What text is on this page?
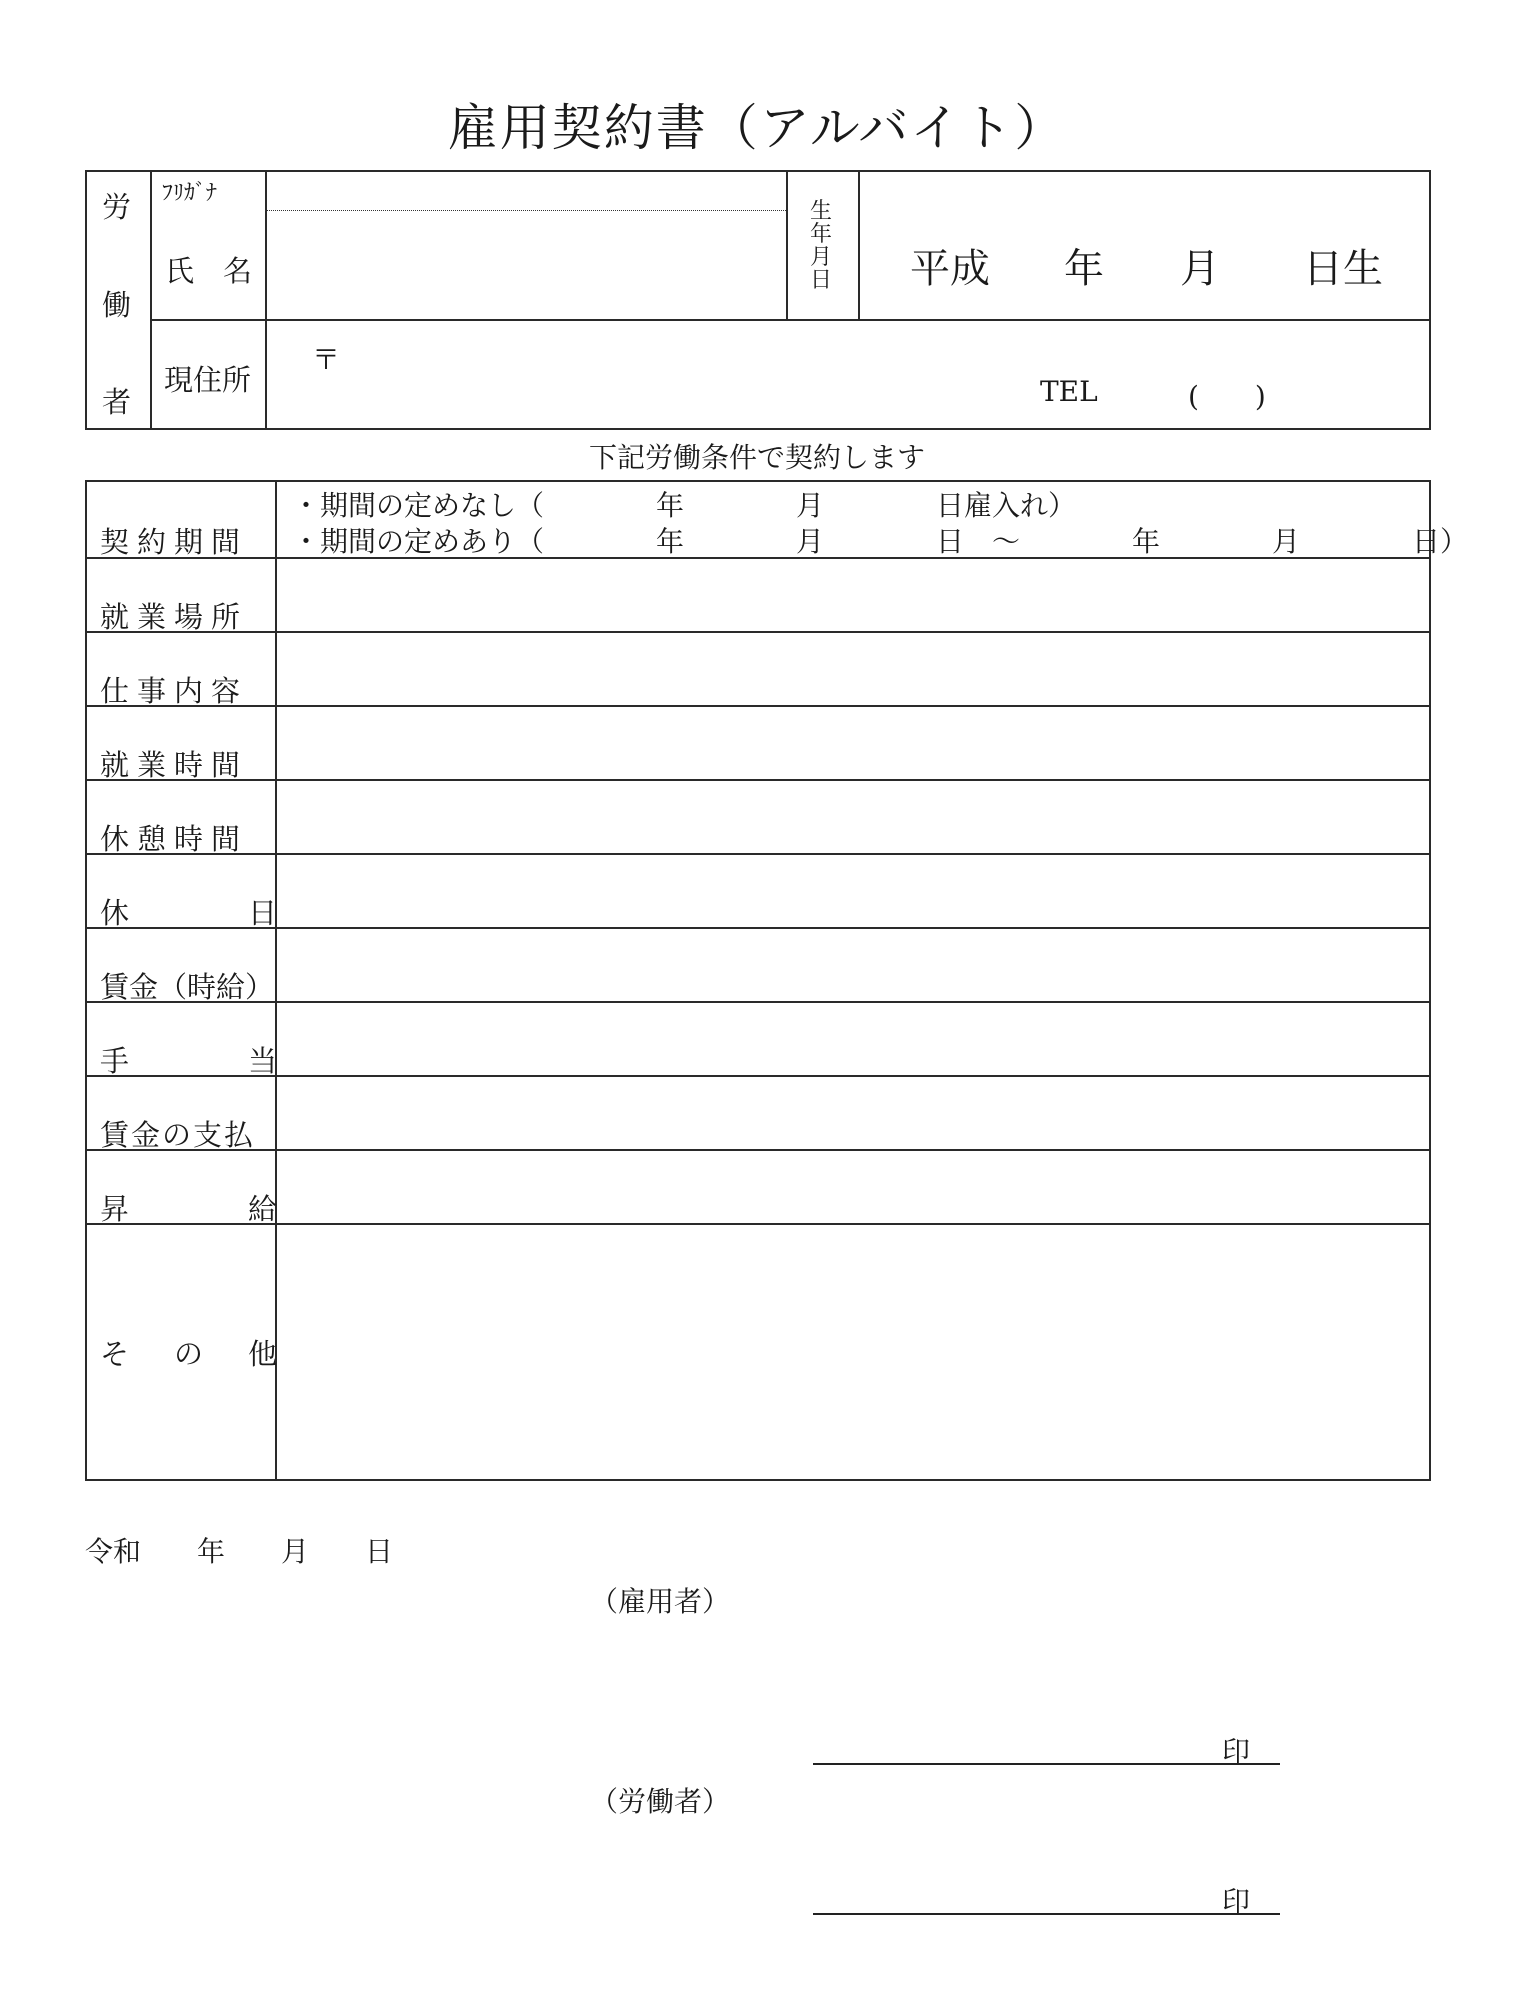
雇用契約書（アルバイト）
労
働
者
ﾌﾘｶﾞﾅ
氏　名
現住所
生
年
月
日 平成 年 月 日生
〒
TEL	(　　)
下記労働条件で契約します
契約期間
・期間の定めなし（　　　　年　　　　月　　　　日雇入れ）
・期間の定めあり（　　　　年　　　　月　　　　日　～　　　　年　　　　月　　　　日）
就業場所
仕事内容
就業時間
休憩時間
休　　　日
賃金（時給）
手　　　当
賃金の支払
昇　　　給
そ　の　他
令和　　年　　月　　日
（雇用者）
印
（労働者）
印
